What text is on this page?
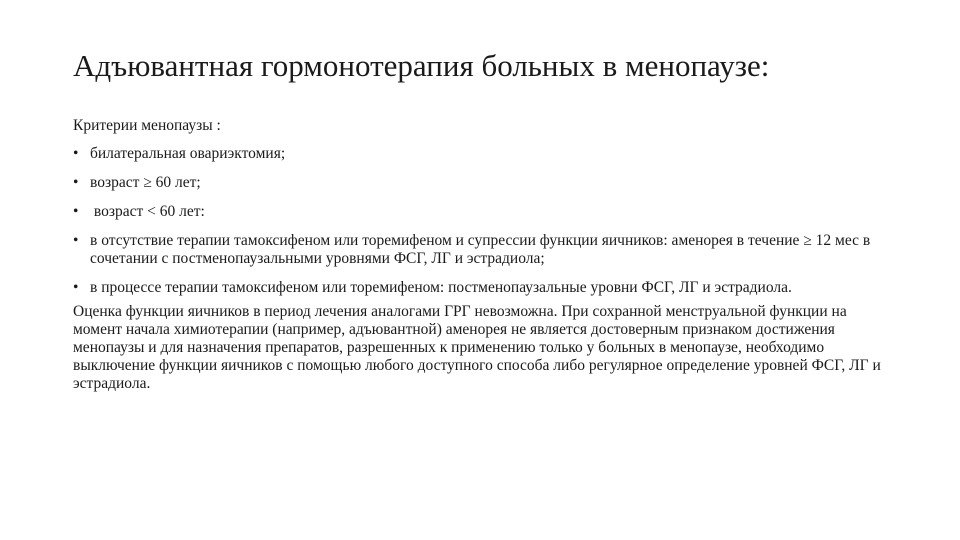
Адъювантная гормонотерапия больных в менопаузе:

Критерии менопаузы :

• билатеральная овариэктомия;
• возраст ≥ 60 лет;
• возраст < 60 лет:
• в отсутствие терапии тамоксифеном или торемифеном и супрессии функции яичников: аменорея в течение ≥ 12 мес в сочетании с постменопаузальными уровнями ФСГ, ЛГ и эстрадиола;
• в процессе терапии тамоксифеном или торемифеном: постменопаузальные уровни ФСГ, ЛГ и эстрадиола.

Оценка функции яичников в период лечения аналогами ГРГ невозможна. При сохранной менструальной функции на момент начала химиотерапии (например, адъювантной) аменорея не является достоверным признаком достижения менопаузы и для назначения препаратов, разрешенных к применению только у больных в менопаузе, необходимо выключение функции яичников с помощью любого доступного способа либо регулярное определение уровней ФСГ, ЛГ и эстрадиола.
